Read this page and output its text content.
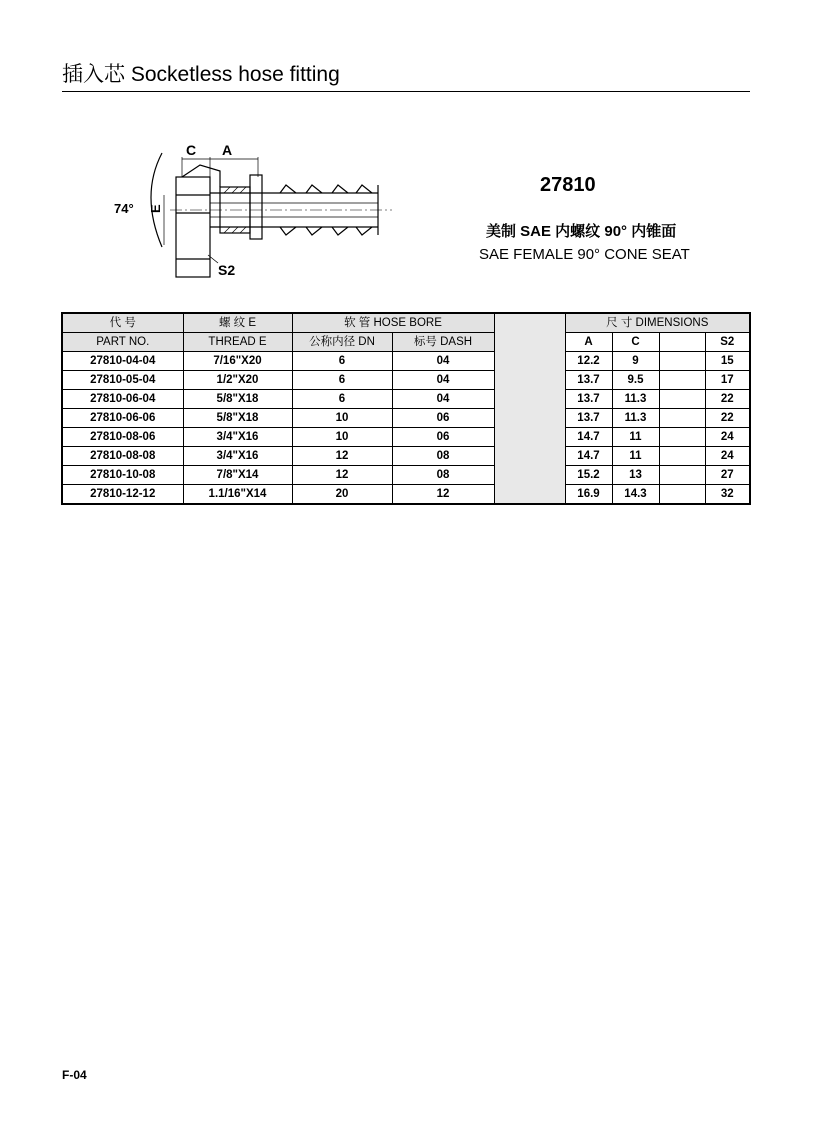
插入芯 Socketless hose fitting
C A
74° E
S2
27810
美制 SAE 内螺纹 90° 内锥面
SAE FEMALE 90° CONE SEAT
代 号	螺 纹 E	软 管 HOSE BORE			尺 寸 DIMENSIONS			
PART NO.	THREAD E	公称内径 DN	标号 DASH		A	C		S2
27810-04-04	7/16"X20	6	04		12.2	9		15
27810-05-04	1/2"X20	6	04		13.7	9.5		17
27810-06-04	5/8"X18	6	04		13.7	11.3		22
27810-06-06	5/8"X18	10	06		13.7	11.3		22
27810-08-06	3/4"X16	10	06		14.7	11		24
27810-08-08	3/4"X16	12	08		14.7	11		24
27810-10-08	7/8"X14	12	08		15.2	13		27
27810-12-12	1.1/16"X14	20	12		16.9	14.3		32
F-04
